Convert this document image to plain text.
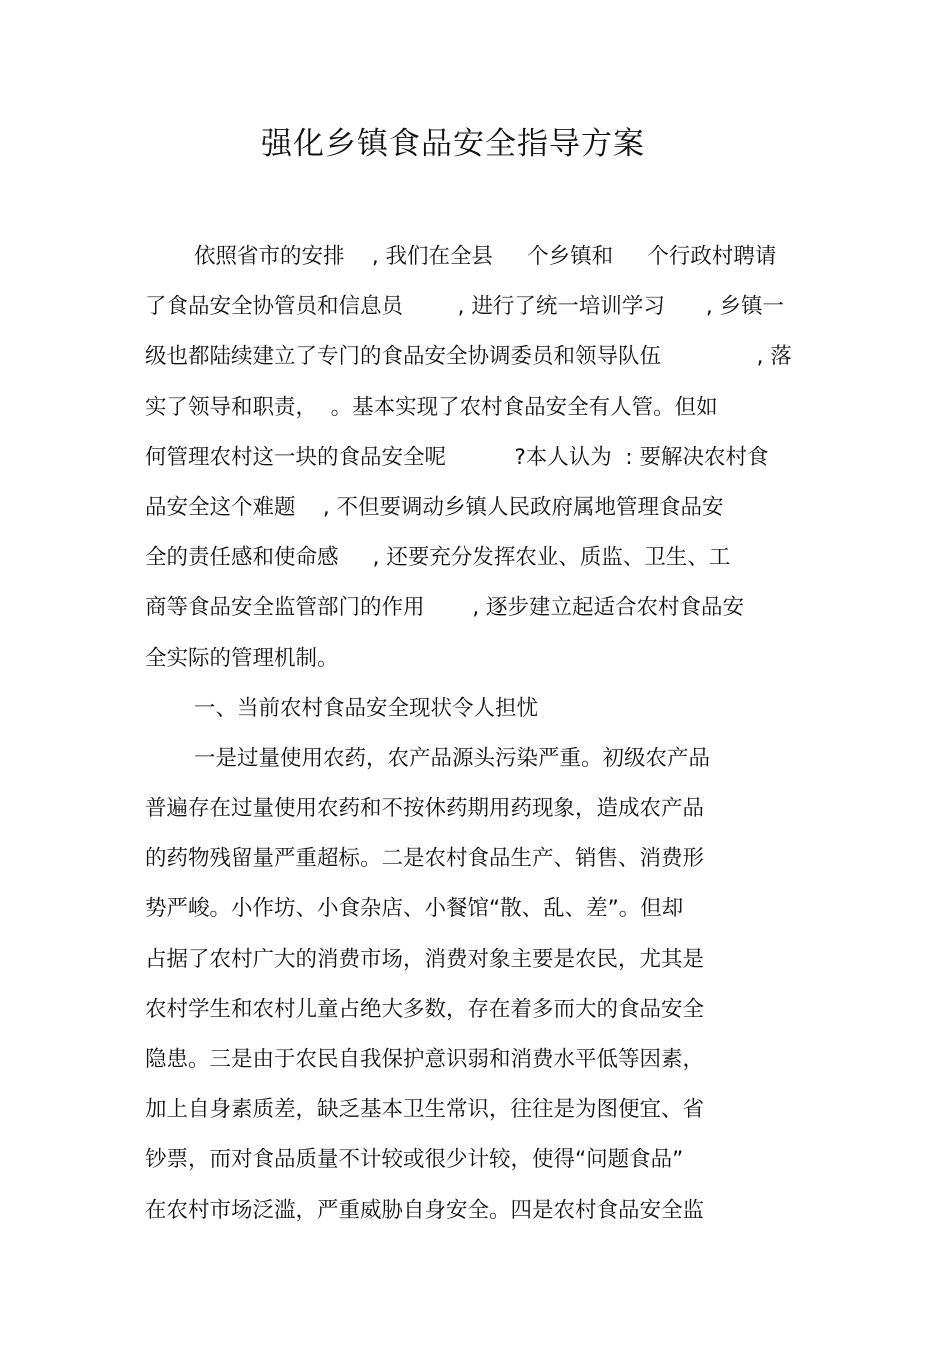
强化乡镇食品安全指导方案
依照省市的安排    , 我们在全县     个乡镇和     个行政村聘请
了食品安全协管员和信息员        , 进行了统一培训学习      , 乡镇一
级也都陆续建立了专门的食品安全协调委员和领导队伍              , 落
实了领导和职责，  。基本实现了农村食品安全有人管。但如
何管理农村这一块的食品安全呢          ?本人认为  : 要解决农村食
品安全这个难题    , 不但要调动乡镇人民政府属地管理食品安
全的责任感和使命感     , 还要充分发挥农业、质监、卫生、工
商等食品安全监管部门的作用       , 逐步建立起适合农村食品安
全实际的管理机制。
一、当前农村食品安全现状令人担忧
一是过量使用农药，农产品源头污染严重。初级农产品
普遍存在过量使用农药和不按休药期用药现象，造成农产品
的药物残留量严重超标。二是农村食品生产、销售、消费形
势严峻。小作坊、小食杂店、小餐馆“散、乱、差”。但却
占据了农村广大的消费市场，消费对象主要是农民，尤其是
农村学生和农村儿童占绝大多数，存在着多而大的食品安全
隐患。三是由于农民自我保护意识弱和消费水平低等因素，
加上自身素质差，缺乏基本卫生常识，往往是为图便宜、省
钞票，而对食品质量不计较或很少计较，使得“问题食品”
在农村市场泛滥，严重威胁自身安全。四是农村食品安全监
